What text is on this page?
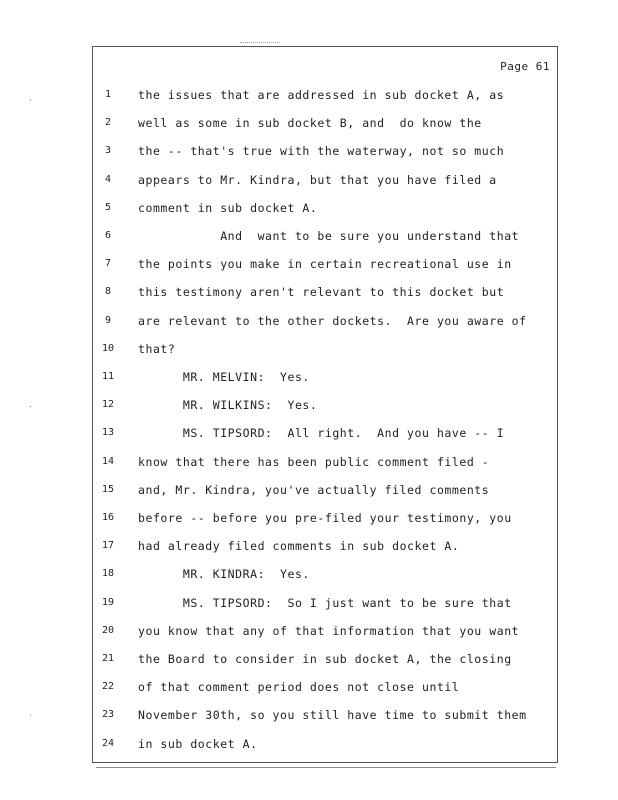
·
·
·
Page 61
1	the issues that are addressed in sub docket A, as
2	well as some in sub docket B, and  do know the
3	the -- that's true with the waterway, not so much
4	appears to Mr. Kindra, but that you have filed a
5	comment in sub docket A.
6	And  want to be sure you understand that
7	the points you make in certain recreational use in
8	this testimony aren't relevant to this docket but
9	are relevant to the other dockets.  Are you aware of
10	that?
11	MR. MELVIN:  Yes.
12	MR. WILKINS:  Yes.
13	MS. TIPSORD:  All right.  And you have -- I
14	know that there has been public comment filed -
15	and, Mr. Kindra, you've actually filed comments
16	before -- before you pre-filed your testimony, you
17	had already filed comments in sub docket A.
18	MR. KINDRA:  Yes.
19	MS. TIPSORD:  So I just want to be sure that
20	you know that any of that information that you want
21	the Board to consider in sub docket A, the closing
22	of that comment period does not close until
23	November 30th, so you still have time to submit them
24	in sub docket A.
